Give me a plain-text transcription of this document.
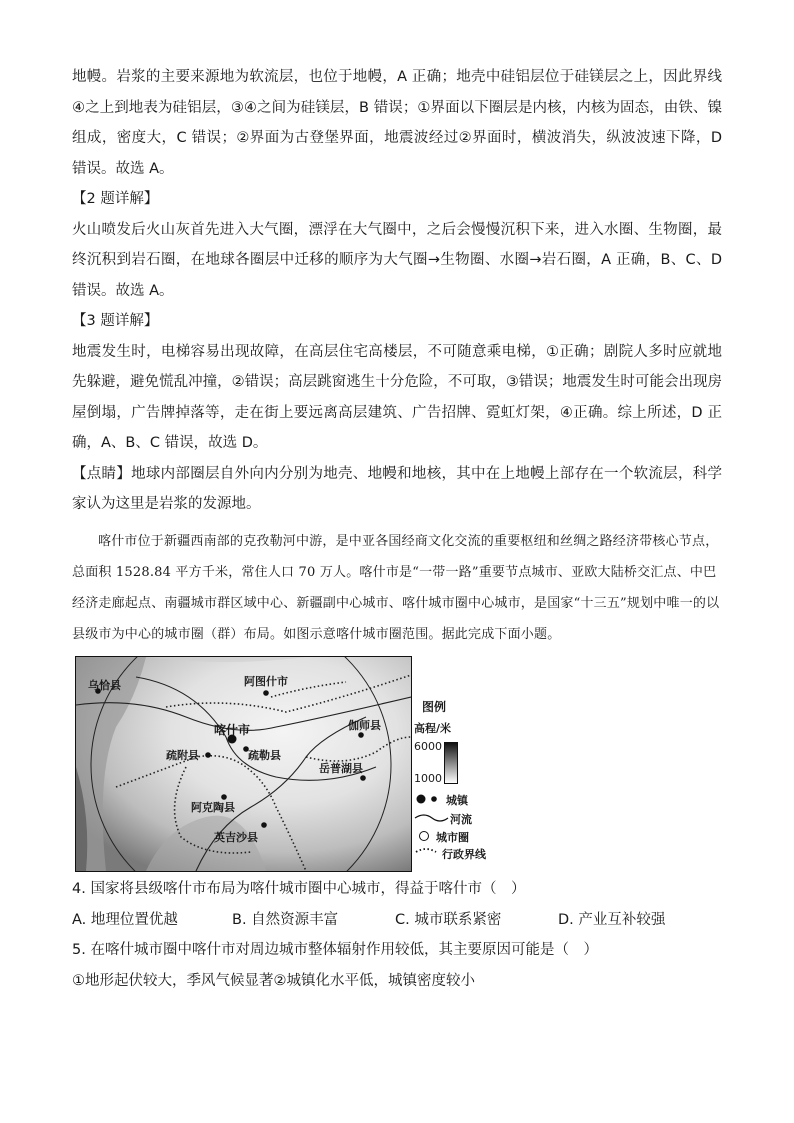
地幔。岩浆的主要来源地为软流层，也位于地幔，A 正确；地壳中硅铝层位于硅镁层之上，因此界线④之上到地表为硅铝层，③④之间为硅镁层，B 错误；①界面以下圈层是内核，内核为固态，由铁、镍组成，密度大，C 错误；②界面为古登堡界面，地震波经过②界面时，横波消失，纵波波速下降，D 错误。故选 A。

【2 题详解】

火山喷发后火山灰首先进入大气圈，漂浮在大气圈中，之后会慢慢沉积下来，进入水圈、生物圈，最终沉积到岩石圈，在地球各圈层中迁移的顺序为大气圈→生物圈、水圈→岩石圈，A 正确，B、C、D 错误。故选 A。

【3 题详解】

地震发生时，电梯容易出现故障，在高层住宅高楼层，不可随意乘电梯，①正确；剧院人多时应就地先躲避，避免慌乱冲撞，②错误；高层跳窗逃生十分危险，不可取，③错误；地震发生时可能会出现房屋倒塌，广告牌掉落等，走在街上要远离高层建筑、广告招牌、霓虹灯架，④正确。综上所述，D 正确，A、B、C 错误，故选 D。

【点睛】地球内部圈层自外向内分别为地壳、地幔和地核，其中在上地幔上部存在一个软流层，科学家认为这里是岩浆的发源地。

喀什市位于新疆西南部的克孜勒河中游，是中亚各国经商文化交流的重要枢纽和丝绸之路经济带核心节点，总面积 1528.84 平方千米，常住人口 70 万人。喀什市是“一带一路”重要节点城市、亚欧大陆桥交汇点、中巴经济走廊起点、南疆城市群区域中心、新疆副中心城市、喀什城市圈中心城市，是国家“十三五”规划中唯一的以县级市为中心的城市圈（群）布局。如图示意喀什城市圈范围。据此完成下面小题。

乌恰县	阿图什市
喀什市	伽师县
疏附县	疏勒县
岳普湖县
阿克陶县
英吉沙县
图例
高程/米
6000
1000
城镇
河流
城市圈
行政界线

4. 国家将县级喀什市布局为喀什城市圈中心城市，得益于喀什市（　）

A. 地理位置优越	B. 自然资源丰富	C. 城市联系紧密	D. 产业互补较强

5. 在喀什城市圈中喀什市对周边城市整体辐射作用较低，其主要原因可能是（　）

①地形起伏较大，季风气候显著②城镇化水平低，城镇密度较小
